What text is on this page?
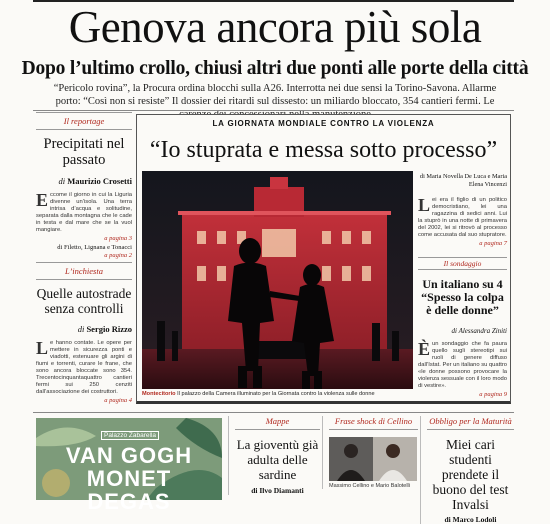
Genova ancora più sola
Dopo l’ultimo crollo, chiusi altri due ponti alle porte della città

“Pericolo rovina”, la Procura ordina blocchi sulla A26. Interrotta nei due sensi la Torino-Savona. Allarme porto: “Così non si resiste” Il dossier dei ritardi sul dissesto: un miliardo bloccato, 354 cantieri fermi. Le

Il reportage
Precipitati nel passato
di Maurizio Crosetti
Eccome il giorno in cui la Liguria divenne un’isola. Una terra intrisa d’acqua e solitudine, separata dalla montagna che le cade in testa e dal mare che se la vuol mangiare.
a pagina 3
di Filetto, Lignana e Tonacci
a pagina 2
L’inchiesta
Quelle autostrade senza controlli
di Sergio Rizzo
Le hanno contate. Le opere per mettere in sicurezza ponti e viadotti, estenuare gli argini di fiumi e torrenti, curare le frane, che sono ancora bloccate sono 354. Trecentocinquantaquattro cantieri fermi sui 250 cenziti dall’associazione dei costruttori.
a pagina 4
LA GIORNATA MONDIALE CONTRO LA VIOLENZA
“Io stuprata e messa sotto processo”
Montecitorio Il palazzo della Camera illuminato per la Giornata contro la violenza sulle donne
di Maria Novella De Luca e Maria Elena Vincenzi
Lei era il figlio di un politico democristiano, lei una ragazzina di sedici anni. Lui la stuprò in una notte di primavera del 2002, lei si ritrovò al processo come accusata dal suo stupratore.
a pagina 7
Il sondaggio
Un italiano su 4 “Spesso la colpa è delle donne”
di Alessandra Ziniti
Èun sondaggio che fa paura quello sugli stereotipi sui ruoli di genere diffuso dall’Istat. Per un italiano su quattro «le donne possono provocare la violenza sessuale con il loro modo di vestire».
a pagina 9
Palazzo Zabarella
VAN GOGH
MONET
DEGAS
Mappe
La gioventù già adulta delle sardine
di Ilvo Diamanti
Frase shock di Cellino
Massimo Cellino e Mario Balotelli
Obbligo per la Maturità
Miei cari studenti prendete il buono del test Invalsi
di Marco Lodoli
